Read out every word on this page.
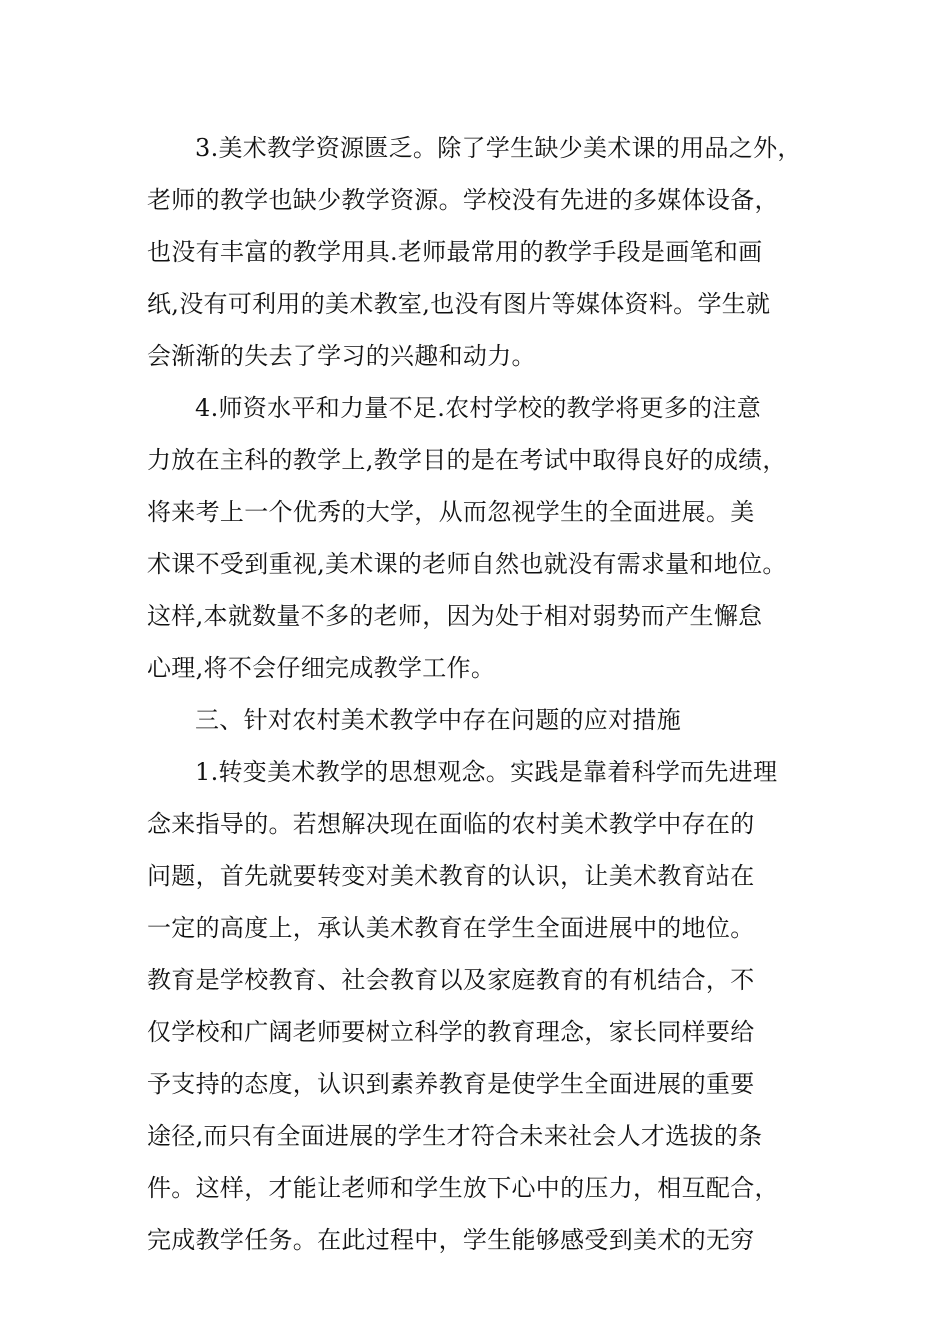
3.美术教学资源匮乏。除了学生缺少美术课的用品之外，
老师的教学也缺少教学资源。学校没有先进的多媒体设备，
也没有丰富的教学用具.老师最常用的教学手段是画笔和画
纸,没有可利用的美术教室,也没有图片等媒体资料。学生就
会渐渐的失去了学习的兴趣和动力。
4.师资水平和力量不足.农村学校的教学将更多的注意
力放在主科的教学上,教学目的是在考试中取得良好的成绩，
将来考上一个优秀的大学，从而忽视学生的全面进展。美
术课不受到重视,美术课的老师自然也就没有需求量和地位。
这样,本就数量不多的老师，因为处于相对弱势而产生懈怠
心理,将不会仔细完成教学工作。
三、针对农村美术教学中存在问题的应对措施
1.转变美术教学的思想观念。实践是靠着科学而先进理
念来指导的。若想解决现在面临的农村美术教学中存在的
问题，首先就要转变对美术教育的认识，让美术教育站在
一定的高度上，承认美术教育在学生全面进展中的地位。
教育是学校教育、社会教育以及家庭教育的有机结合，不
仅学校和广阔老师要树立科学的教育理念，家长同样要给
予支持的态度，认识到素养教育是使学生全面进展的重要
途径,而只有全面进展的学生才符合未来社会人才选拔的条
件。这样，才能让老师和学生放下心中的压力，相互配合，
完成教学任务。在此过程中，学生能够感受到美术的无穷
